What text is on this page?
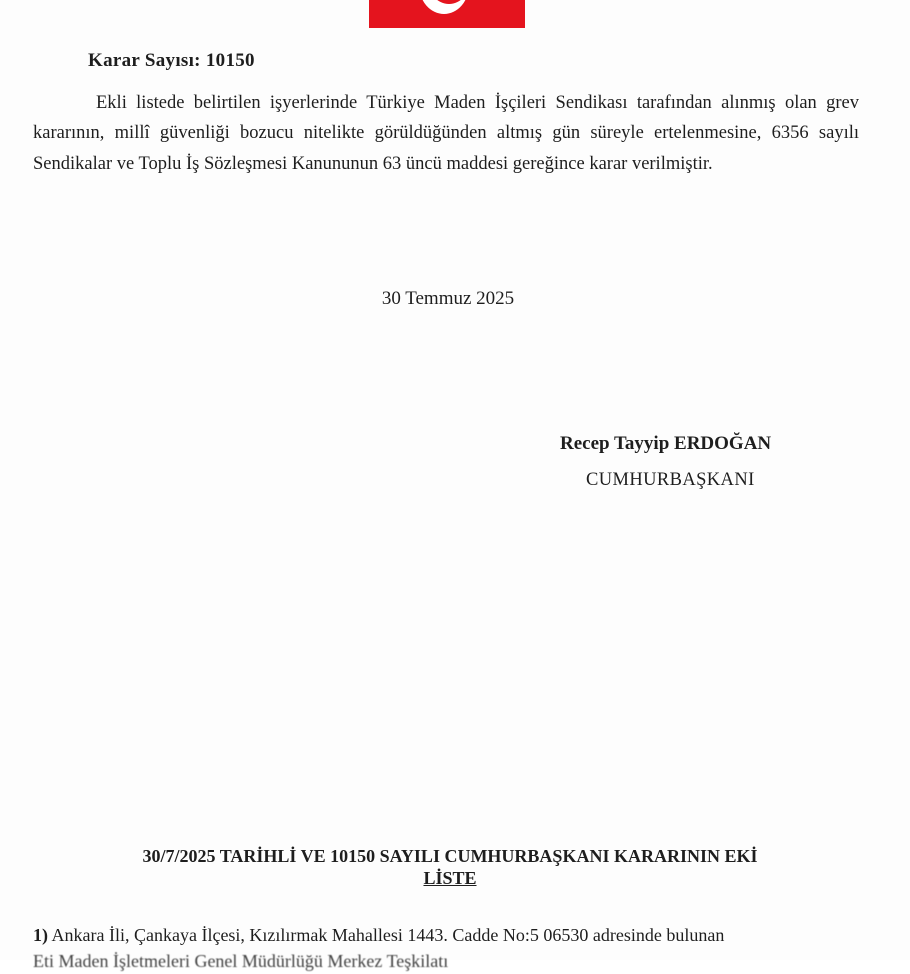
Karar Sayısı: 10150

Ekli listede belirtilen işyerlerinde Türkiye Maden İşçileri Sendikası tarafından alınmış olan grev kararının, millî güvenliği bozucu nitelikte görüldüğünden altmış gün süreyle ertelenmesine, 6356 sayılı Sendikalar ve Toplu İş Sözleşmesi Kanununun 63 üncü maddesi gereğince karar verilmiştir.

30 Temmuz 2025
Recep Tayyip ERDOĞAN
CUMHURBAŞKANI
30/7/2025 TARİHLİ VE 10150 SAYILI CUMHURBAŞKANI KARARININ EKİ
LİSTE
1) Ankara İli, Çankaya İlçesi, Kızılırmak Mahallesi 1443. Cadde No:5 06530 adresinde bulunan
Eti Maden İşletmeleri Genel Müdürlüğü Merkez Teşkilatı
